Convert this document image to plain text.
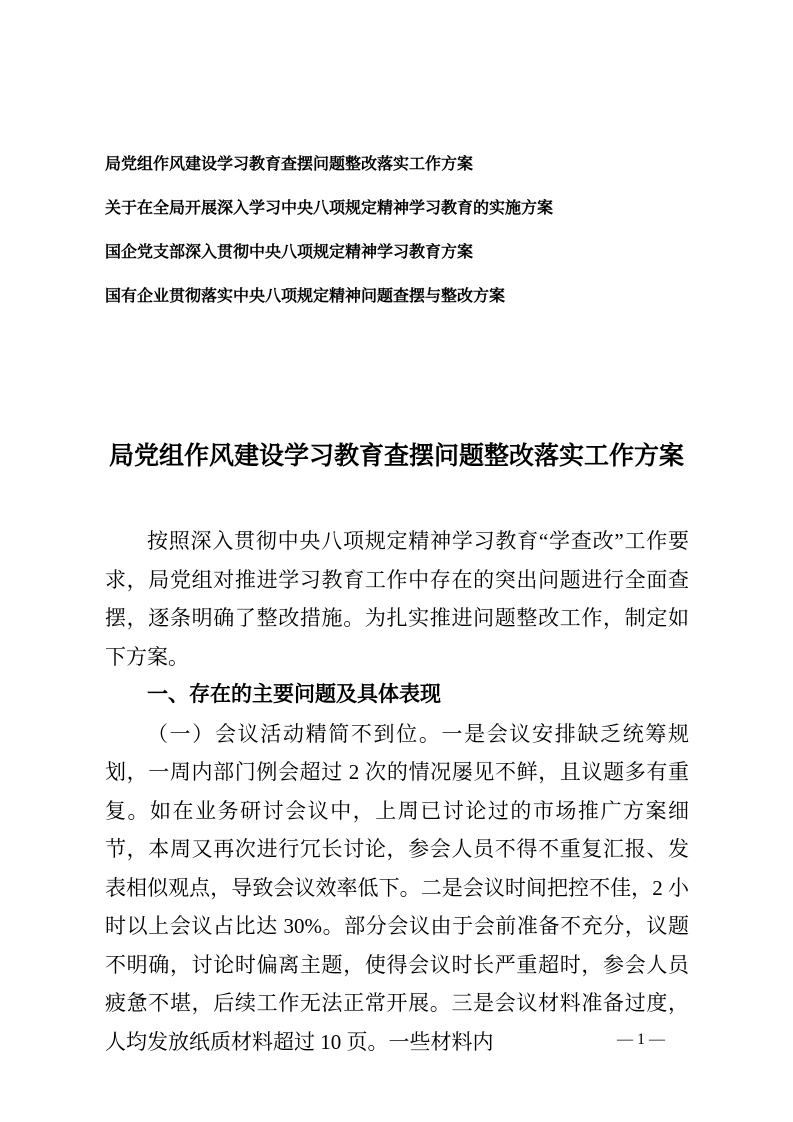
局党组作风建设学习教育查摆问题整改落实工作方案

关于在全局开展深入学习中央八项规定精神学习教育的实施方案

国企党支部深入贯彻中央八项规定精神学习教育方案

国有企业贯彻落实中央八项规定精神问题查摆与整改方案

局党组作风建设学习教育查摆问题整改落实工作方案

按照深入贯彻中央八项规定精神学习教育“学查改”工作要求，局党组对推进学习教育工作中存在的突出问题进行全面查摆，逐条明确了整改措施。为扎实推进问题整改工作，制定如下方案。

一、存在的主要问题及具体表现

（一）会议活动精简不到位。一是会议安排缺乏统筹规划，一周内部门例会超过 2 次的情况屡见不鲜，且议题多有重复。如在业务研讨会议中，上周已讨论过的市场推广方案细节，本周又再次进行冗长讨论，参会人员不得不重复汇报、发表相似观点，导致会议效率低下。二是会议时间把控不佳，2 小时以上会议占比达 30%。部分会议由于会前准备不充分，议题不明确，讨论时偏离主题，使得会议时长严重超时，参会人员疲惫不堪，后续工作无法正常开展。三是会议材料准备过度，人均发放纸质材料超过 10 页。一些材料内	— 1 —
